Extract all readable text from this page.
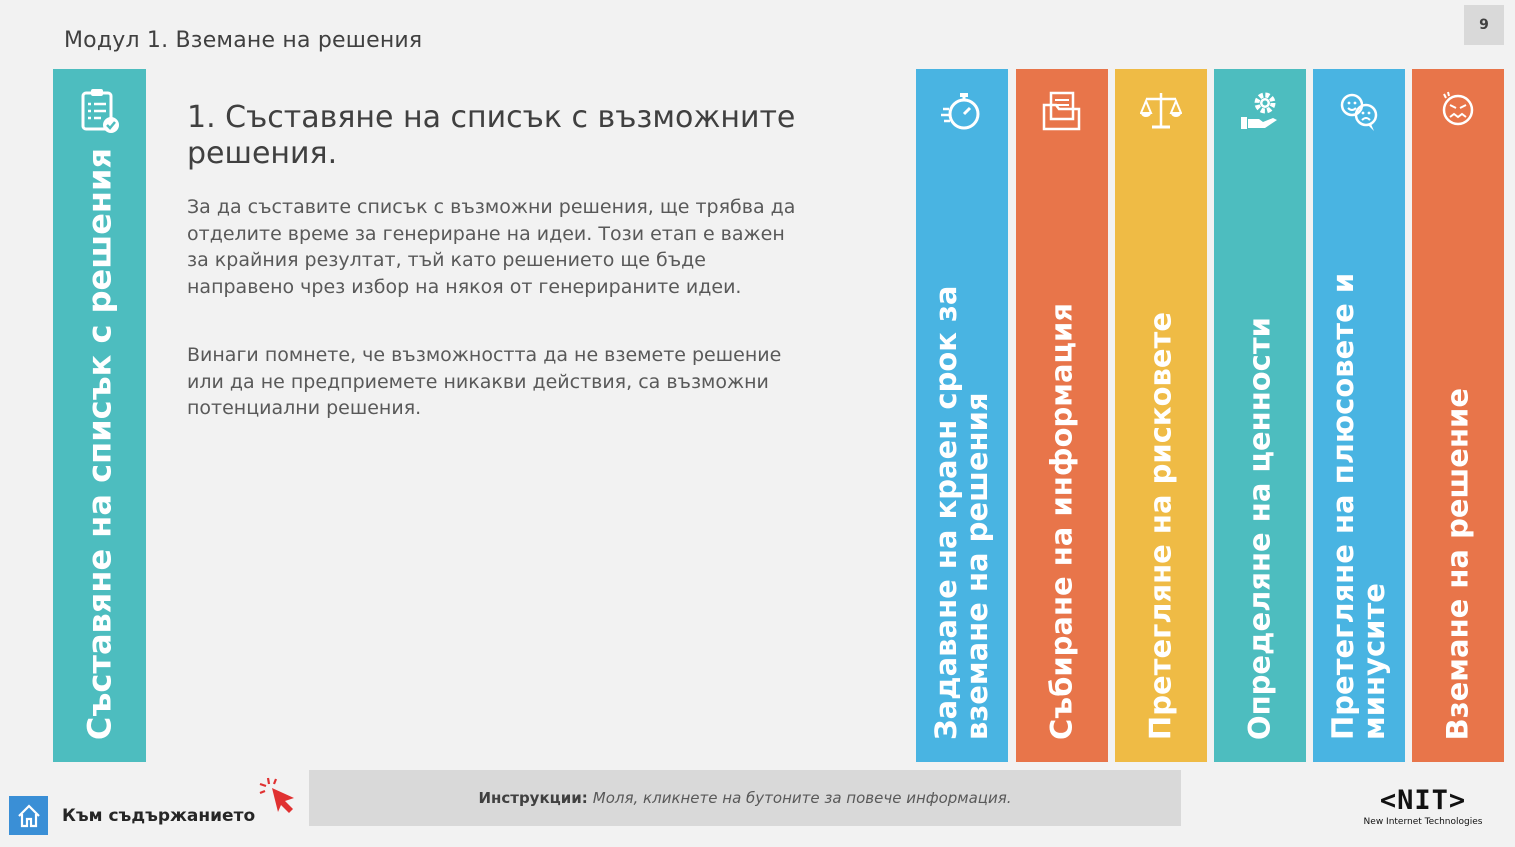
Модул 1. Вземане на решения
9
Съставяне на списък с решения
1. Съставяне на списък с възможните решения.
За да съставите списък с възможни решения, ще трябва да отделите време за генериране на идеи. Този етап е важен за крайния резултат, тъй като решението ще бъде направено чрез избор на някоя от генерираните идеи.
Винаги помнете, че възможността да не вземете решение или да не предприемете никакви действия, са възможни потенциални решения.	Задаване на краен срок за вземане на решения	Събиране на информация	Претегляне на рисковете	Определяне на ценности	Претегляне на плюсовете и минусите	Вземане на решение
Към съдържанието
Инструкции: Моля, кликнете на бутоните за повече информация.	<NIT>
New Internet Technologies
